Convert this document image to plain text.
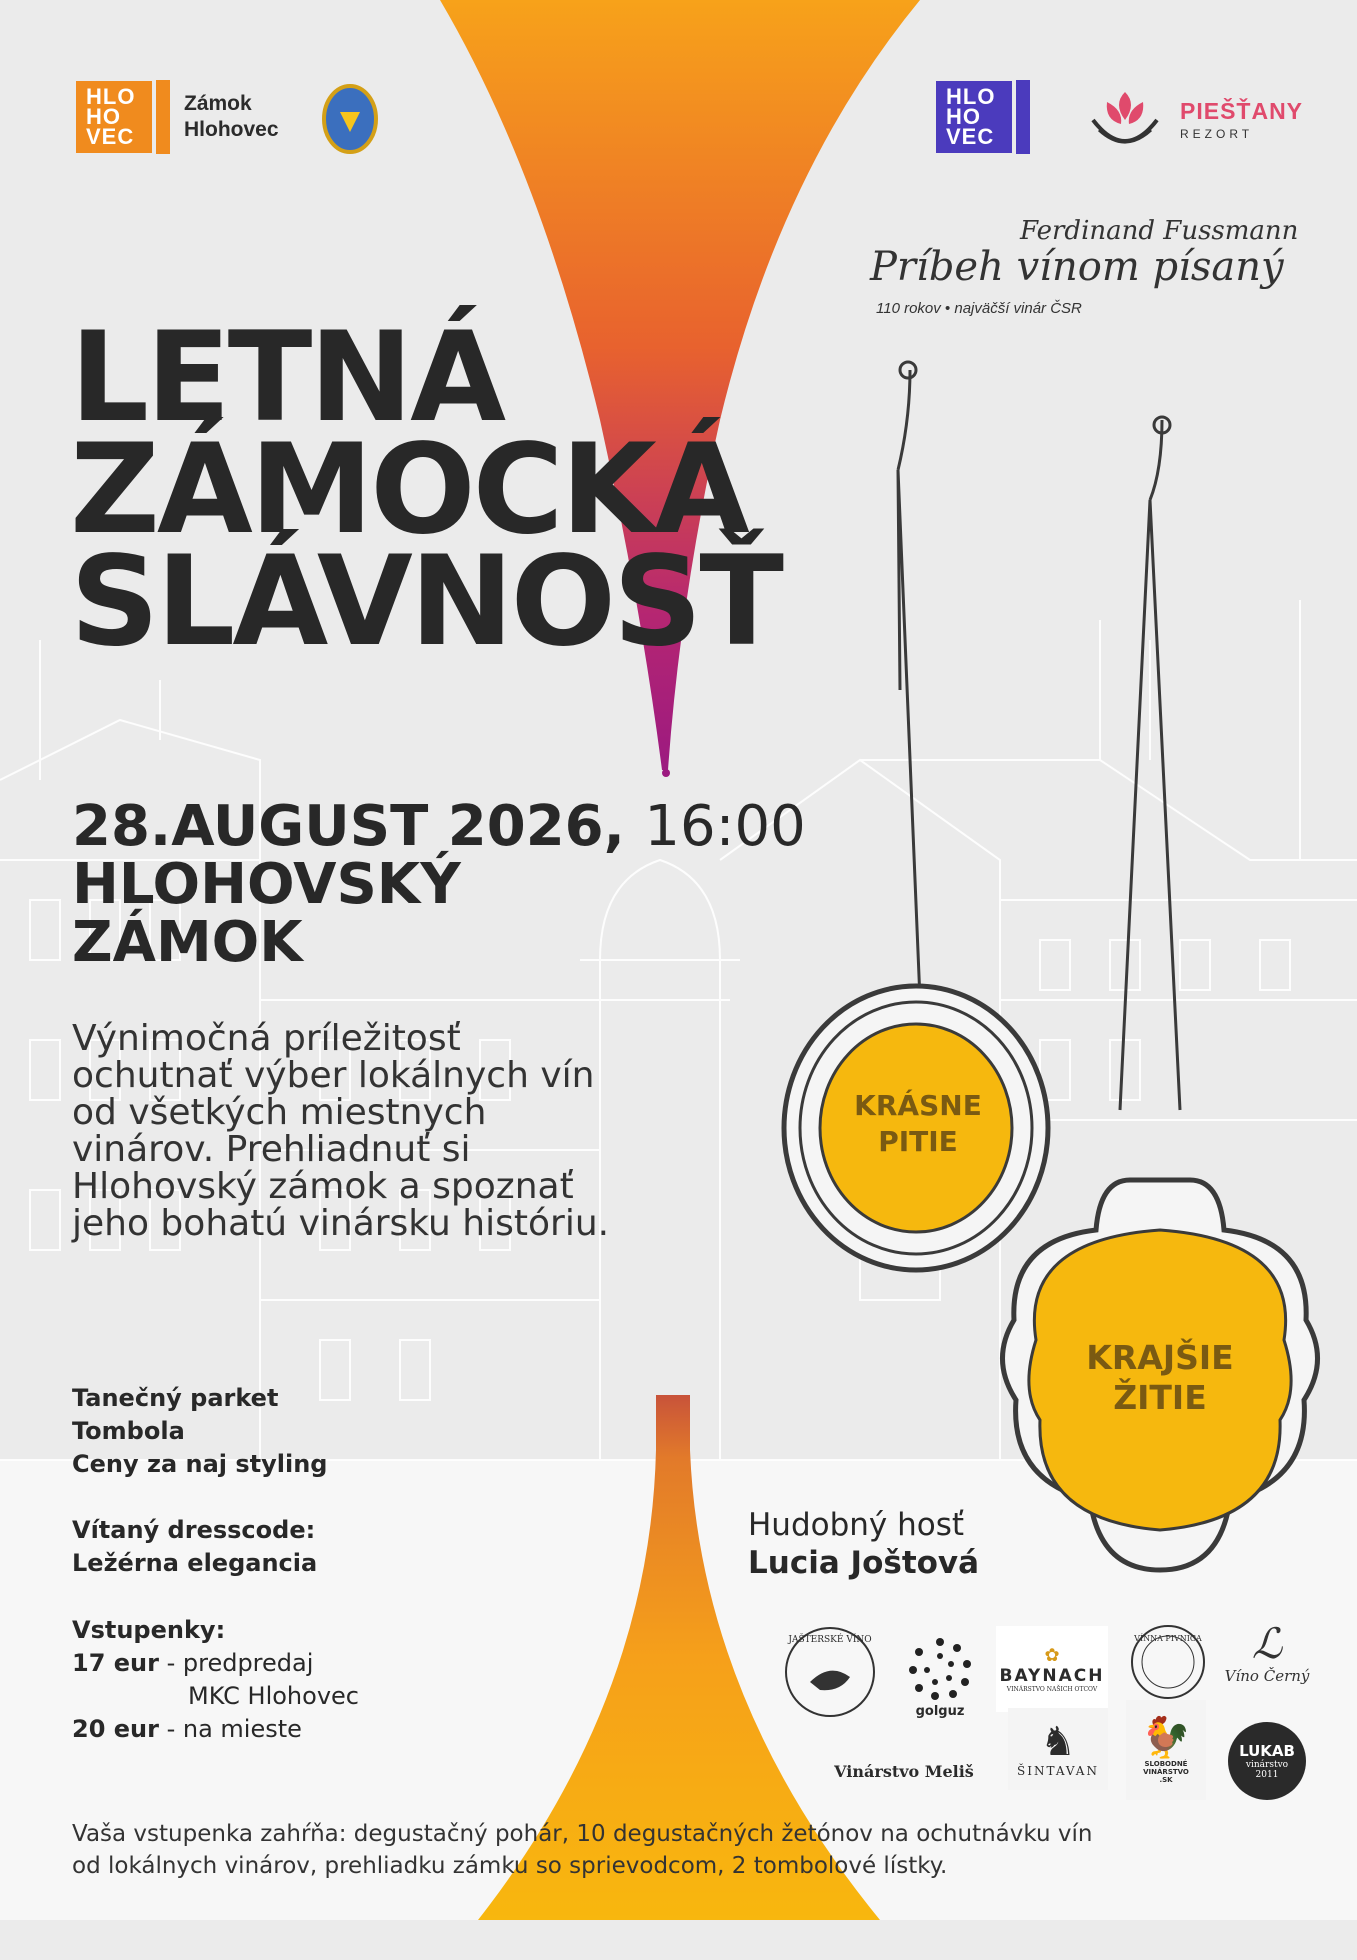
HLO
HO
VEC
Zámok
Hlohovec
HLO
HO
VEC
PIEŠŤANY
REZORT
Ferdinand Fussmann
Príbeh vínom písaný
110 rokov • najväčší vinár ČSR
LETNÁ
ZÁMOCKÁ
SLÁVNOSŤ
28.AUGUST 2026, 16:00
HLOHOVSKÝ
ZÁMOK
Výnimočná príležitosť
ochutnať výber lokálnych vín
od všetkých miestnych
vinárov. Prehliadnuť si
Hlohovský zámok a spoznať
jeho bohatú vinársku históriu.
KRÁSNE
PITIE
KRAJŠIE
ŽITIE
Tanečný parket
Tombola
Ceny za naj styling
Vítaný dresscode:
Ležérna elegancia
Vstupenky:
17 eur - predpredaj
MKC Hlohovec
20 eur - na mieste
Hudobný hosť
Lucia Joštová
JAŠTERSKÉ VÍNO
golguz
✿
BAYNACH
VINÁRSTVO NAŠICH OTCOV
VÍNNA PIVNICA ℒ
Víno Černý
Vinárstvo Meliš
♞
ŠINTAVAN
🐓
SLOBODNÉ VINÁRSTVO .SK
LUKAB
vinárstvo
2011
Vaša vstupenka zahŕňa: degustačný pohár, 10 degustačných žetónov na ochutnávku vín
od lokálnych vinárov, prehliadku zámku so sprievodcom, 2 tombolové lístky.
